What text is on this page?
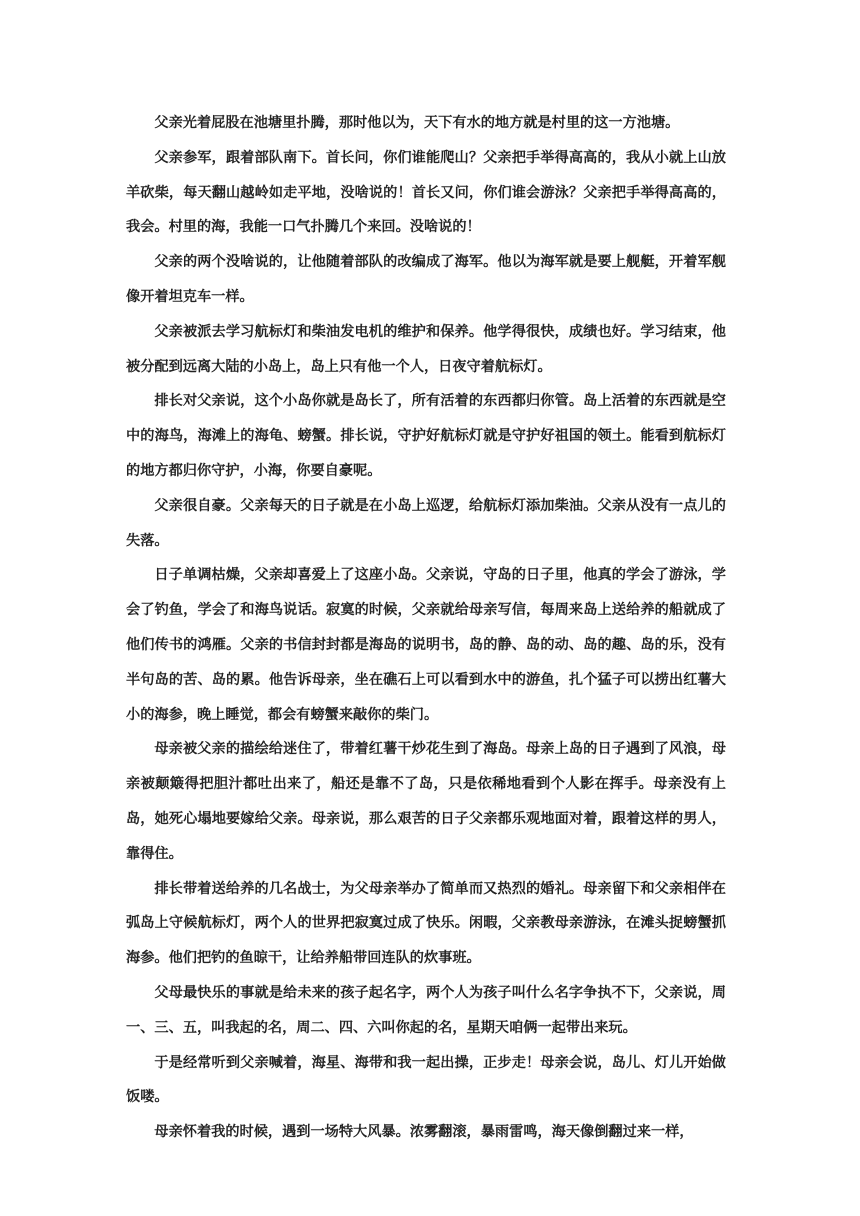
父亲光着屁股在池塘里扑腾，那时他以为，天下有水的地方就是村里的这一方池塘。

父亲参军，跟着部队南下。首长问，你们谁能爬山？父亲把手举得高高的，我从小就上山放羊砍柴，每天翻山越岭如走平地，没啥说的！首长又问，你们谁会游泳？父亲把手举得高高的，我会。村里的海，我能一口气扑腾几个来回。没啥说的！

父亲的两个没啥说的，让他随着部队的改编成了海军。他以为海军就是要上舰艇，开着军舰像开着坦克车一样。

父亲被派去学习航标灯和柴油发电机的维护和保养。他学得很快，成绩也好。学习结束，他被分配到远离大陆的小岛上，岛上只有他一个人，日夜守着航标灯。

排长对父亲说，这个小岛你就是岛长了，所有活着的东西都归你管。岛上活着的东西就是空中的海鸟，海滩上的海龟、螃蟹。排长说，守护好航标灯就是守护好祖国的领土。能看到航标灯的地方都归你守护，小海，你要自豪呢。

父亲很自豪。父亲每天的日子就是在小岛上巡逻，给航标灯添加柴油。父亲从没有一点儿的失落。

日子单调枯燥，父亲却喜爱上了这座小岛。父亲说，守岛的日子里，他真的学会了游泳，学会了钓鱼，学会了和海鸟说话。寂寞的时候，父亲就给母亲写信，每周来岛上送给养的船就成了他们传书的鸿雁。父亲的书信封封都是海岛的说明书，岛的静、岛的动、岛的趣、岛的乐，没有半句岛的苦、岛的累。他告诉母亲，坐在礁石上可以看到水中的游鱼，扎个猛子可以捞出红薯大小的海参，晚上睡觉，都会有螃蟹来敲你的柴门。

母亲被父亲的描绘给迷住了，带着红薯干炒花生到了海岛。母亲上岛的日子遇到了风浪，母亲被颠簸得把胆汁都吐出来了，船还是靠不了岛，只是依稀地看到个人影在挥手。母亲没有上岛，她死心塌地要嫁给父亲。母亲说，那么艰苦的日子父亲都乐观地面对着，跟着这样的男人，靠得住。

排长带着送给养的几名战士，为父母亲举办了简单而又热烈的婚礼。母亲留下和父亲相伴在弧岛上守候航标灯，两个人的世界把寂寞过成了快乐。闲暇，父亲教母亲游泳，在滩头捉螃蟹抓海参。他们把钓的鱼晾干，让给养船带回连队的炊事班。

父母最快乐的事就是给未来的孩子起名字，两个人为孩子叫什么名字争执不下，父亲说，周一、三、五，叫我起的名，周二、四、六叫你起的名，星期天咱俩一起带出来玩。

于是经常听到父亲喊着，海星、海带和我一起出操，正步走！母亲会说，岛儿、灯儿开始做饭喽。

母亲怀着我的时候，遇到一场特大风暴。浓雾翻滚，暴雨雷鸣，海天像倒翻过来一样，
